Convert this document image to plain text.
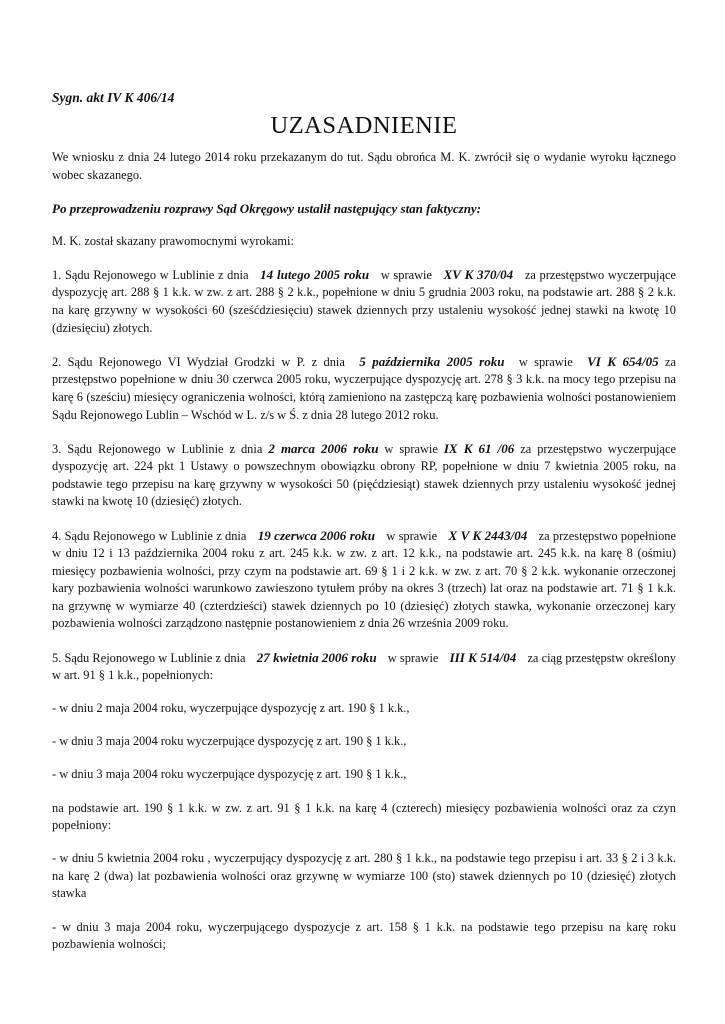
Sygn. akt IV K 406/14
UZASADNIENIE

We wniosku z dnia 24 lutego 2014 roku przekazanym do tut. Sądu obrońca M. K. zwrócił się o wydanie wyroku łącznego wobec skazanego.

Po przeprowadzeniu rozprawy Sąd Okręgowy ustalił następujący stan faktyczny:

M. K. został skazany prawomocnymi wyrokami:

1. Sądu Rejonowego w Lublinie z dnia 14 lutego 2005 roku w sprawie XV K 370/04 za przestępstwo wyczerpujące dyspozycję art. 288 § 1 k.k. w zw. z art. 288 § 2 k.k., popełnione w dniu 5 grudnia 2003 roku, na podstawie art. 288 § 2 k.k. na karę grzywny w wysokości 60 (sześćdziesięciu) stawek dziennych przy ustaleniu wysokość jednej stawki na kwotę 10 (dziesięciu) złotych.

2. Sądu Rejonowego VI Wydział Grodzki w P. z dnia 5 października 2005 roku w sprawie VI K 654/05 za przestępstwo popełnione w dniu 30 czerwca 2005 roku, wyczerpujące dyspozycję art. 278 § 3 k.k. na mocy tego przepisu na karę 6 (sześciu) miesięcy ograniczenia wolności, którą zamieniono na zastępczą karę pozbawienia wolności postanowieniem Sądu Rejonowego Lublin – Wschód w L. z/s w Ś. z dnia 28 lutego 2012 roku.

3. Sądu Rejonowego w Lublinie z dnia 2 marca 2006 roku w sprawie IX K 61 /06 za przestępstwo wyczerpujące dyspozycję art. 224 pkt 1 Ustawy o powszechnym obowiązku obrony RP, popełnione w dniu 7 kwietnia 2005 roku, na podstawie tego przepisu na karę grzywny w wysokości 50 (pięćdziesiąt) stawek dziennych przy ustaleniu wysokość jednej stawki na kwotę 10 (dziesięć) złotych.

4. Sądu Rejonowego w Lublinie z dnia 19 czerwca 2006 roku w sprawie X V K 2443/04 za przestępstwo popełnione w dniu 12 i 13 października 2004 roku z art. 245 k.k. w zw. z art. 12 k.k., na podstawie art. 245 k.k. na karę 8 (ośmiu) miesięcy pozbawienia wolności, przy czym na podstawie art. 69 § 1 i 2 k.k. w zw. z art. 70 § 2 k.k. wykonanie orzeczonej kary pozbawienia wolności warunkowo zawieszono tytułem próby na okres 3 (trzech) lat oraz na podstawie art. 71 § 1 k.k. na grzywnę w wymiarze 40 (czterdzieści) stawek dziennych po 10 (dziesięć) złotych stawka, wykonanie orzeczonej kary pozbawienia wolności zarządzono następnie postanowieniem z dnia 26 września 2009 roku.

5. Sądu Rejonowego w Lublinie z dnia 27 kwietnia 2006 roku w sprawie III K 514/04 za ciąg przestępstw określony w art. 91 § 1 k.k., popełnionych:

- w dniu 2 maja 2004 roku, wyczerpujące dyspozycję z art. 190 § 1 k.k.,

- w dniu 3 maja 2004 roku wyczerpujące dyspozycję z art. 190 § 1 k.k.,

- w dniu 3 maja 2004 roku wyczerpujące dyspozycję z art. 190 § 1 k.k.,

na podstawie art. 190 § 1 k.k. w zw. z art. 91 § 1 k.k. na karę 4 (czterech) miesięcy pozbawienia wolności oraz za czyn popełniony:

- w dniu 5 kwietnia 2004 roku , wyczerpujący dyspozycję z art. 280 § 1 k.k., na podstawie tego przepisu i art. 33 § 2 i 3 k.k. na karę 2 (dwa) lat pozbawienia wolności oraz grzywnę w wymiarze 100 (sto) stawek dziennych po 10 (dziesięć) złotych stawka

- w dniu 3 maja 2004 roku, wyczerpującego dyspozycje z art. 158 § 1 k.k. na podstawie tego przepisu na karę roku pozbawienia wolności;
